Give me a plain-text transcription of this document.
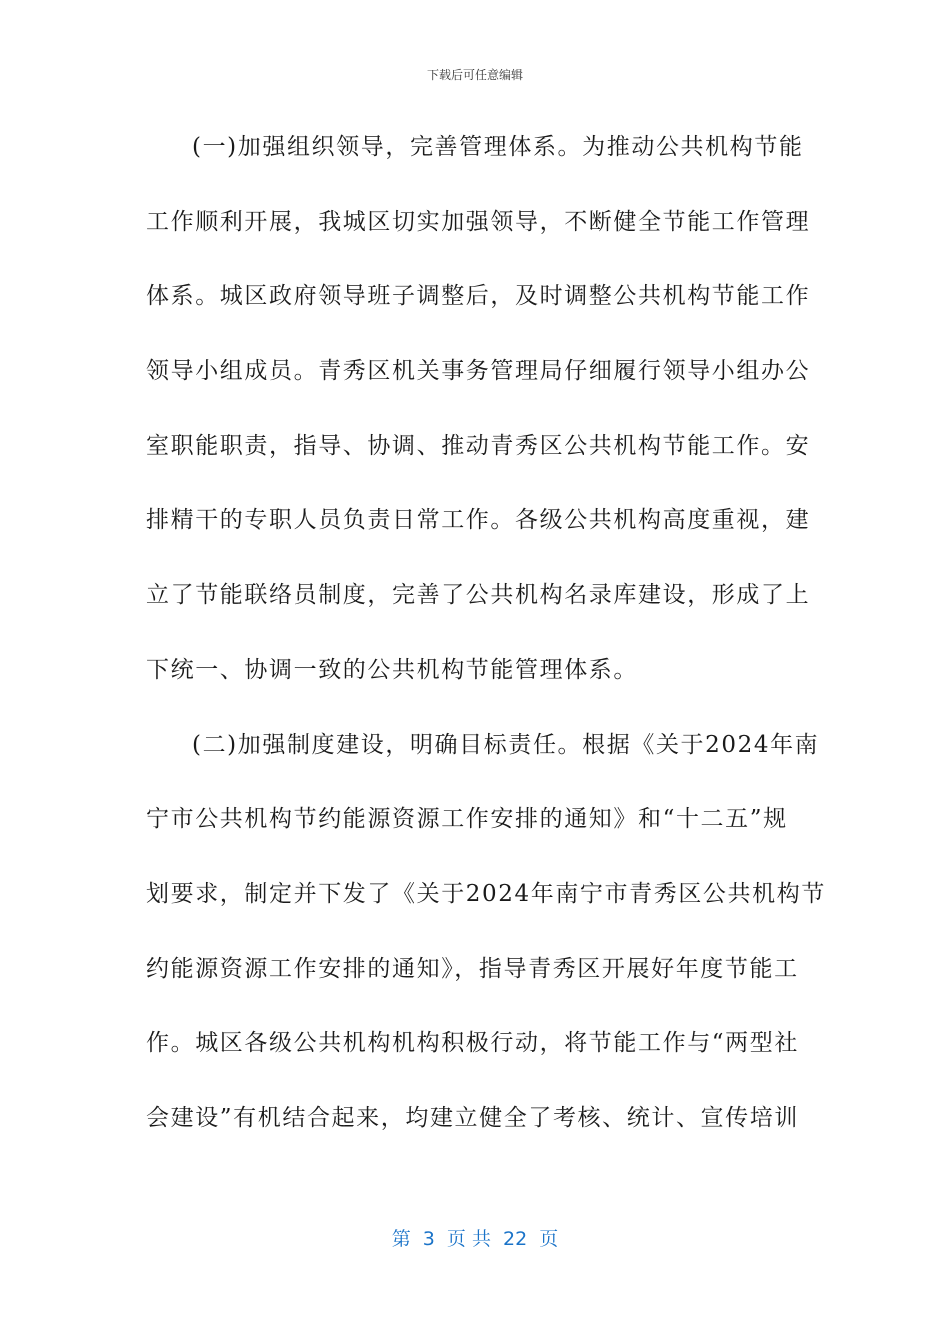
下载后可任意编辑
(一)加强组织领导，完善管理体系。为推动公共机构节能
工作顺利开展，我城区切实加强领导，不断健全节能工作管理
体系。城区政府领导班子调整后，及时调整公共机构节能工作
领导小组成员。青秀区机关事务管理局仔细履行领导小组办公
室职能职责，指导、协调、推动青秀区公共机构节能工作。安
排精干的专职人员负责日常工作。各级公共机构高度重视，建
立了节能联络员制度，完善了公共机构名录库建设，形成了上
下统一、协调一致的公共机构节能管理体系。
(二)加强制度建设，明确目标责任。根据《关于2024年南
宁市公共机构节约能源资源工作安排的通知》和“十二五”规
划要求，制定并下发了《关于2024年南宁市青秀区公共机构节
约能源资源工作安排的通知》，指导青秀区开展好年度节能工
作。城区各级公共机构机构积极行动，将节能工作与“两型社
会建设”有机结合起来，均建立健全了考核、统计、宣传培训
第  3  页 共  22  页
